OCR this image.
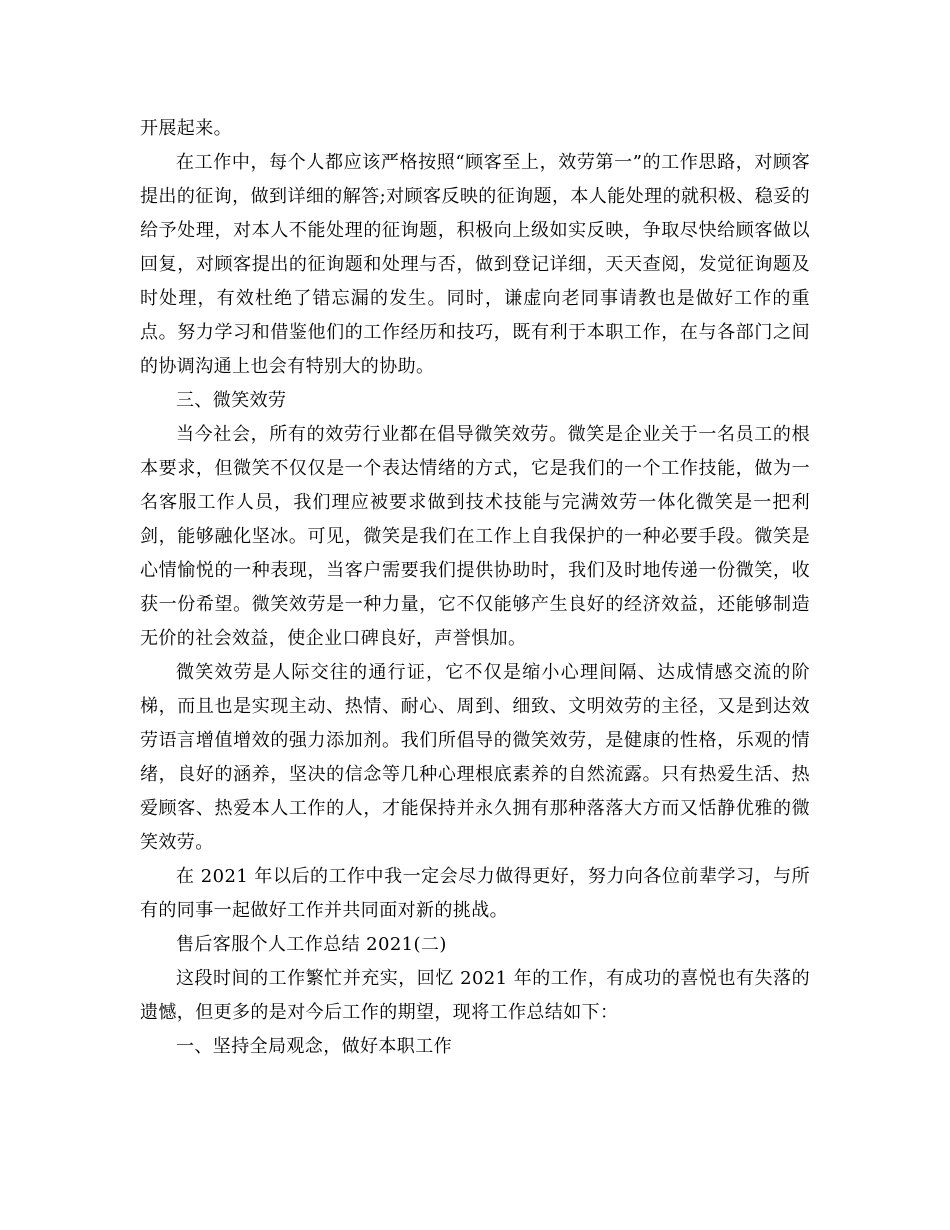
开展起来。

在工作中，每个人都应该严格按照“顾客至上，效劳第一”的工作思路，对顾客提出的征询，做到详细的解答;对顾客反映的征询题，本人能处理的就积极、稳妥的给予处理，对本人不能处理的征询题，积极向上级如实反映，争取尽快给顾客做以回复，对顾客提出的征询题和处理与否，做到登记详细，天天查阅，发觉征询题及时处理，有效杜绝了错忘漏的发生。同时，谦虚向老同事请教也是做好工作的重点。努力学习和借鉴他们的工作经历和技巧，既有利于本职工作，在与各部门之间的协调沟通上也会有特别大的协助。

三、微笑效劳

当今社会，所有的效劳行业都在倡导微笑效劳。微笑是企业关于一名员工的根本要求，但微笑不仅仅是一个表达情绪的方式，它是我们的一个工作技能，做为一名客服工作人员，我们理应被要求做到技术技能与完满效劳一体化微笑是一把利剑，能够融化坚冰。可见，微笑是我们在工作上自我保护的一种必要手段。微笑是心情愉悦的一种表现，当客户需要我们提供协助时，我们及时地传递一份微笑，收获一份希望。微笑效劳是一种力量，它不仅能够产生良好的经济效益，还能够制造无价的社会效益，使企业口碑良好，声誉惧加。

微笑效劳是人际交往的通行证，它不仅是缩小心理间隔、达成情感交流的阶梯，而且也是实现主动、热情、耐心、周到、细致、文明效劳的主径，又是到达效劳语言增值增效的强力添加剂。我们所倡导的微笑效劳，是健康的性格，乐观的情绪，良好的涵养，坚决的信念等几种心理根底素养的自然流露。只有热爱生活、热爱顾客、热爱本人工作的人，才能保持并永久拥有那种落落大方而又恬静优雅的微笑效劳。

在 2021 年以后的工作中我一定会尽力做得更好，努力向各位前辈学习，与所有的同事一起做好工作并共同面对新的挑战。

售后客服个人工作总结 2021(二)

这段时间的工作繁忙并充实，回忆 2021 年的工作，有成功的喜悦也有失落的遗憾，但更多的是对今后工作的期望，现将工作总结如下：

一、坚持全局观念，做好本职工作
